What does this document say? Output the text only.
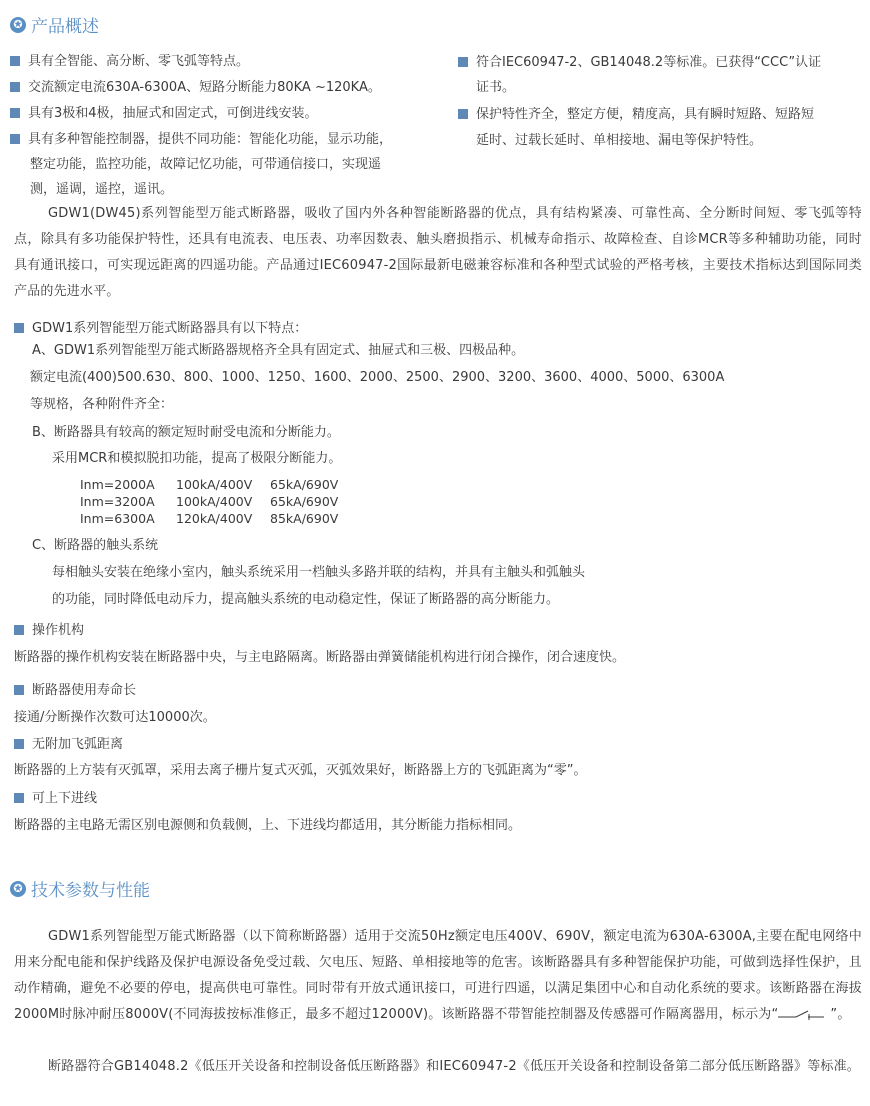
✪ 产品概述
具有全智能、高分断、零飞弧等特点。
交流额定电流630A-6300A、短路分断能力80KA ~120KA。
具有3极和4极，抽屉式和固定式，可倒进线安装。
具有多种智能控制器，提供不同功能：智能化功能，显示功能，
整定功能，监控功能，故障记忆功能，可带通信接口，实现遥
测，遥调，遥控，遥讯。
符合IEC60947-2、GB14048.2等标准。已获得“CCC”认证
证书。
保护特性齐全，整定方便，精度高，具有瞬时短路、短路短
延时、过载长延时、单相接地、漏电等保护特性。
GDW1(DW45)系列智能型万能式断路器，吸收了国内外各种智能断路器的优点，具有结构紧凑、可靠性高、全分断时间短、零飞弧等特点，除具有多功能保护特性，还具有电流表、电压表、功率因数表、触头磨损指示、机械寿命指示、故障检查、自诊MCR等多种辅助功能，同时具有通讯接口，可实现远距离的四遥功能。产品通过IEC60947-2国际最新电磁兼容标准和各种型式试验的严格考核，主要技术指标达到国际同类产品的先进水平。
GDW1系列智能型万能式断路器具有以下特点：
A、GDW1系列智能型万能式断路器规格齐全具有固定式、抽屉式和三极、四极品种。
额定电流(400)500.630、800、1000、1250、1600、2000、2500、2900、3200、3600、4000、5000、6300A
等规格，各种附件齐全：
B、断路器具有较高的额定短时耐受电流和分断能力。
采用MCR和模拟脱扣功能，提高了极限分断能力。
Inm=2000A 100kA/400V 65kA/690V
Inm=3200A 100kA/400V 65kA/690V
Inm=6300A 120kA/400V 85kA/690V
C、断路器的触头系统
每相触头安装在绝缘小室内，触头系统采用一档触头多路并联的结构，并具有主触头和弧触头
的功能，同时降低电动斥力，提高触头系统的电动稳定性，保证了断路器的高分断能力。
操作机构
断路器的操作机构安装在断路器中央，与主电路隔离。断路器由弹簧储能机构进行闭合操作，闭合速度快。
断路器使用寿命长
接通/分断操作次数可达10000次。
无附加飞弧距离
断路器的上方装有灭弧罩，采用去离子栅片复式灭弧，灭弧效果好，断路器上方的飞弧距离为“零”。
可上下进线
断路器的主电路无需区别电源侧和负载侧，上、下进线均都适用，其分断能力指标相同。
✪ 技术参数与性能
GDW1系列智能型万能式断路器（以下简称断路器）适用于交流50Hz额定电压400V、690V，额定电流为630A-6300A,主要在配电网络中用来分配电能和保护线路及保护电源设备免受过载、欠电压、短路、单相接地等的危害。该断路器具有多种智能保护功能，可做到选择性保护，且动作精确，避免不必要的停电，提高供电可靠性。同时带有开放式通讯接口，可进行四遥，以满足集团中心和自动化系统的要求。该断路器在海拔2000M时脉冲耐压8000V(不同海拔按标准修正，最多不超过12000V)。该断路器不带智能控制器及传感器可作隔离器用，标示为“	”。
断路器符合GB14048.2《低压开关设备和控制设备低压断路器》和IEC60947-2《低压开关设备和控制设备第二部分低压断路器》等标准。
